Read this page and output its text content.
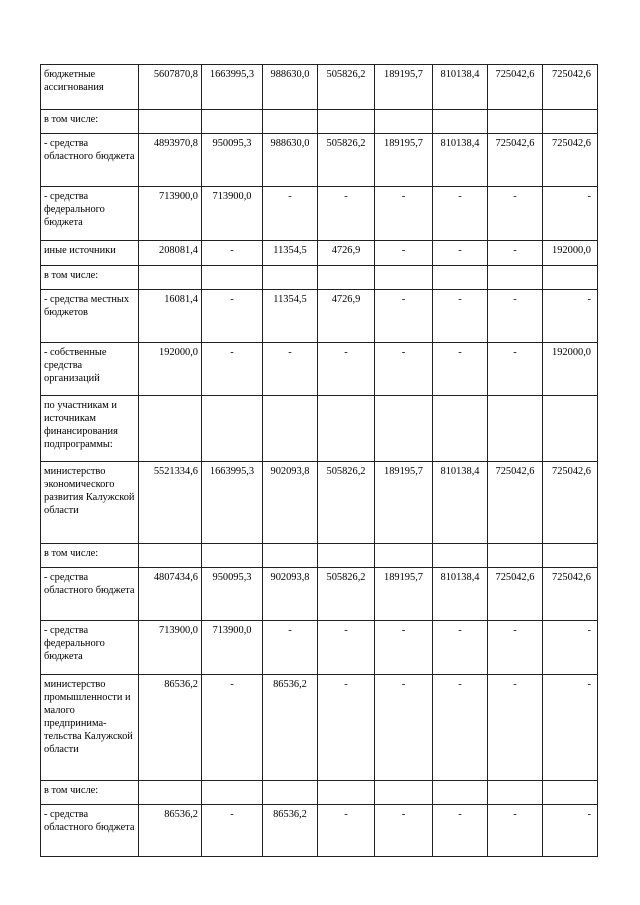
бюджетные ассигнования	5607870,8	1663995,3	988630,0	505826,2	189195,7	810138,4	725042,6	725042,6
в том числе:								
- средства областного бюджета	4893970,8	950095,3	988630,0	505826,2	189195,7	810138,4	725042,6	725042,6
- средства федерального бюджета	713900,0	713900,0	-	-	-	-	-	-
иные источники	208081,4	-	11354,5	4726,9	-	-	-	192000,0
в том числе:								
- средства местных бюджетов	16081,4	-	11354,5	4726,9	-	-	-	-
- собственные средства организаций	192000,0	-	-	-	-	-	-	192000,0
по участникам и источникам финансирования подпрограммы:								
министерство экономического развития Калужской области	5521334,6	1663995,3	902093,8	505826,2	189195,7	810138,4	725042,6	725042,6
в том числе:								
- средства областного бюджета	4807434,6	950095,3	902093,8	505826,2	189195,7	810138,4	725042,6	725042,6
- средства федерального бюджета	713900,0	713900,0	-	-	-	-	-	-
министерство промышленности и малого предпринима-тельства Калужской области	86536,2	-	86536,2	-	-	-	-	-
в том числе:								
- средства областного бюджета	86536,2	-	86536,2	-	-	-	-	-
